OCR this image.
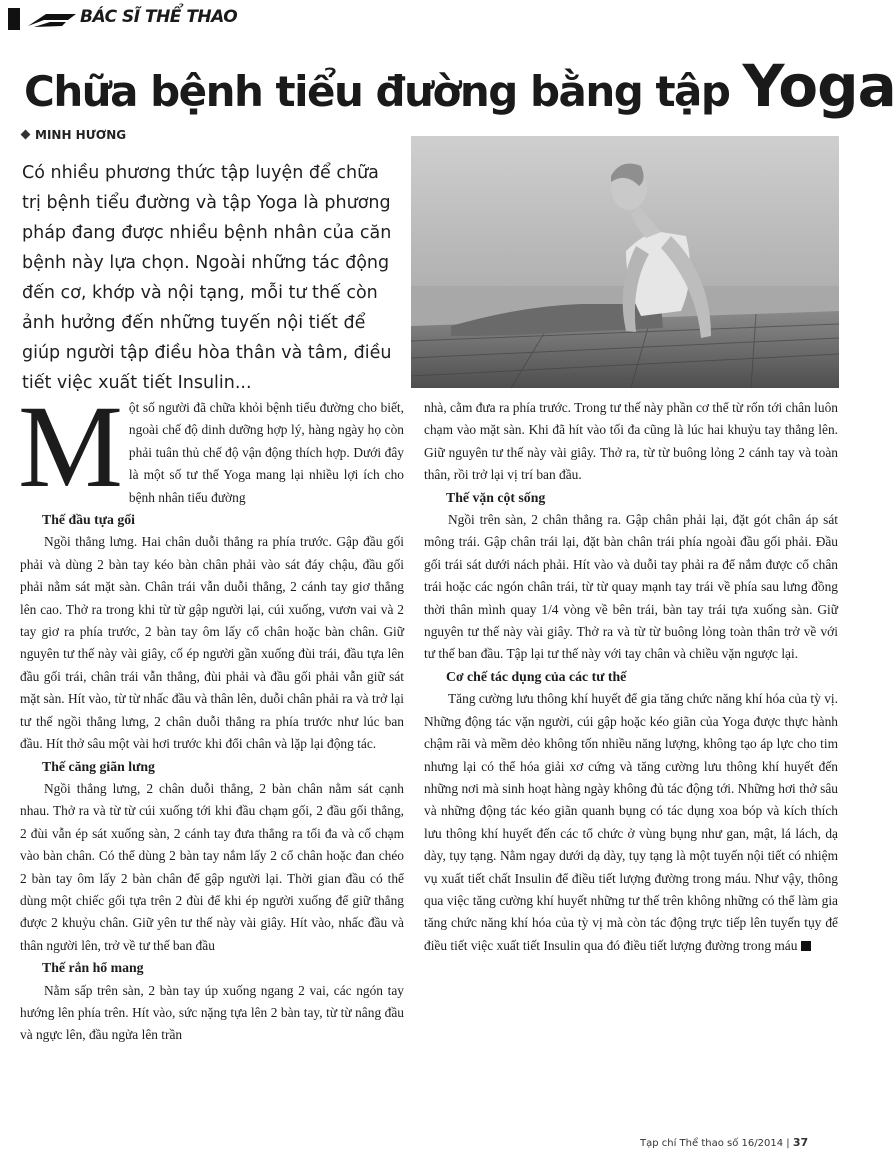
BÁC SĨ THỂ THAO
Chữa bệnh tiểu đường bằng tập Yoga
MINH HƯƠNG
Có nhiều phương thức tập luyện để chữa trị bệnh tiểu đường và tập Yoga là phương pháp đang được nhiều bệnh nhân của căn bệnh này lựa chọn. Ngoài những tác động đến cơ, khớp và nội tạng, mỗi tư thế còn ảnh hưởng đến những tuyến nội tiết để giúp người tập điều hòa thân và tâm, điều tiết việc xuất tiết Insulin...

Một số người đã chữa khỏi bệnh tiểu đường cho biết, ngoài chế độ dinh dưỡng hợp lý, hàng ngày họ còn phải tuân thủ chế độ vận động thích hợp. Dưới đây là một số tư thế Yoga mang lại nhiều lợi ích cho bệnh nhân tiểu đường

Thế đầu tựa gối

Ngồi thẳng lưng. Hai chân duỗi thẳng ra phía trước. Gập đầu gối phải và dùng 2 bàn tay kéo bàn chân phải vào sát đáy chậu, đầu gối phải nằm sát mặt sàn. Chân trái vẫn duỗi thẳng, 2 cánh tay giơ thẳng lên cao. Thở ra trong khi từ từ gập người lại, cúi xuống, vươn vai và 2 tay giơ ra phía trước, 2 bàn tay ôm lấy cổ chân hoặc bàn chân. Giữ nguyên tư thế này vài giây, cố ép người gần xuống đùi trái, đầu tựa lên đầu gối trái, chân trái vẫn thẳng, đùi phải và đầu gối phải vẫn giữ sát mặt sàn. Hít vào, từ từ nhấc đầu và thân lên, duỗi chân phải ra và trở lại tư thế ngồi thẳng lưng, 2 chân duỗi thẳng ra phía trước như lúc ban đầu. Hít thở sâu một vài hơi trước khi đổi chân và lặp lại động tác.

Thế căng giãn lưng

Ngồi thẳng lưng, 2 chân duỗi thẳng, 2 bàn chân nằm sát cạnh nhau. Thở ra và từ từ cúi xuống tới khi đầu chạm gối, 2 đầu gối thẳng, 2 đùi vẫn ép sát xuống sàn, 2 cánh tay đưa thẳng ra tối đa và cố chạm vào bàn chân. Có thể dùng 2 bàn tay nắm lấy 2 cổ chân hoặc đan chéo 2 bàn tay ôm lấy 2 bàn chân để gập người lại. Thời gian đầu có thể dùng một chiếc gối tựa trên 2 đùi để khi ép người xuống để giữ thẳng được 2 khuỷu chân. Giữ yên tư thế này vài giây. Hít vào, nhấc đầu và thân người lên, trở về tư thế ban đầu

Thế rắn hổ mang

Nằm sấp trên sàn, 2 bàn tay úp xuống ngang 2 vai, các ngón tay hướng lên phía trên. Hít vào, sức nặng tựa lên 2 bàn tay, từ từ nâng đầu và ngực lên, đầu ngửa lên trần

nhà, cằm đưa ra phía trước. Trong tư thế này phần cơ thể từ rốn tới chân luôn chạm vào mặt sàn. Khi đã hít vào tối đa cũng là lúc hai khuỷu tay thẳng lên. Giữ nguyên tư thế này vài giây. Thở ra, từ từ buông lỏng 2 cánh tay và toàn thân, rồi trở lại vị trí ban đầu.

Thế vặn cột sống

Ngồi trên sàn, 2 chân thẳng ra. Gập chân phải lại, đặt gót chân áp sát mông trái. Gập chân trái lại, đặt bàn chân trái phía ngoài đầu gối phải. Đầu gối trái sát dưới nách phải. Hít vào và duỗi tay phải ra để nắm được cổ chân trái hoặc các ngón chân trái, từ từ quay mạnh tay trái về phía sau lưng đồng thời thân mình quay 1/4 vòng về bên trái, bàn tay trái tựa xuống sàn. Giữ nguyên tư thế này vài giây. Thở ra và từ từ buông lỏng toàn thân trở về với tư thế ban đầu. Tập lại tư thế này với tay chân và chiều vặn ngược lại.

Cơ chế tác dụng của các tư thế

Tăng cường lưu thông khí huyết để gia tăng chức năng khí hóa của tỳ vị. Những động tác vặn người, cúi gập hoặc kéo giãn của Yoga được thực hành chậm rãi và mềm dẻo không tốn nhiều năng lượng, không tạo áp lực cho tim nhưng lại có thể hóa giải xơ cứng và tăng cường lưu thông khí huyết đến những nơi mà sinh hoạt hàng ngày không đủ tác động tới. Những hơi thở sâu và những động tác kéo giãn quanh bụng có tác dụng xoa bóp và kích thích lưu thông khí huyết đến các tổ chức ở vùng bụng như gan, mật, lá lách, dạ dày, tụy tạng. Nằm ngay dưới dạ dày, tụy tạng là một tuyến nội tiết có nhiệm vụ xuất tiết chất Insulin để điều tiết lượng đường trong máu. Như vậy, thông qua việc tăng cường khí huyết những tư thế trên không những có thể làm gia tăng chức năng khí hóa của tỳ vị mà còn tác động trực tiếp lên tuyến tụy để điều tiết việc xuất tiết Insulin qua đó điều tiết lượng đường trong máu

Tạp chí Thể thao số 16/2014 | 37
